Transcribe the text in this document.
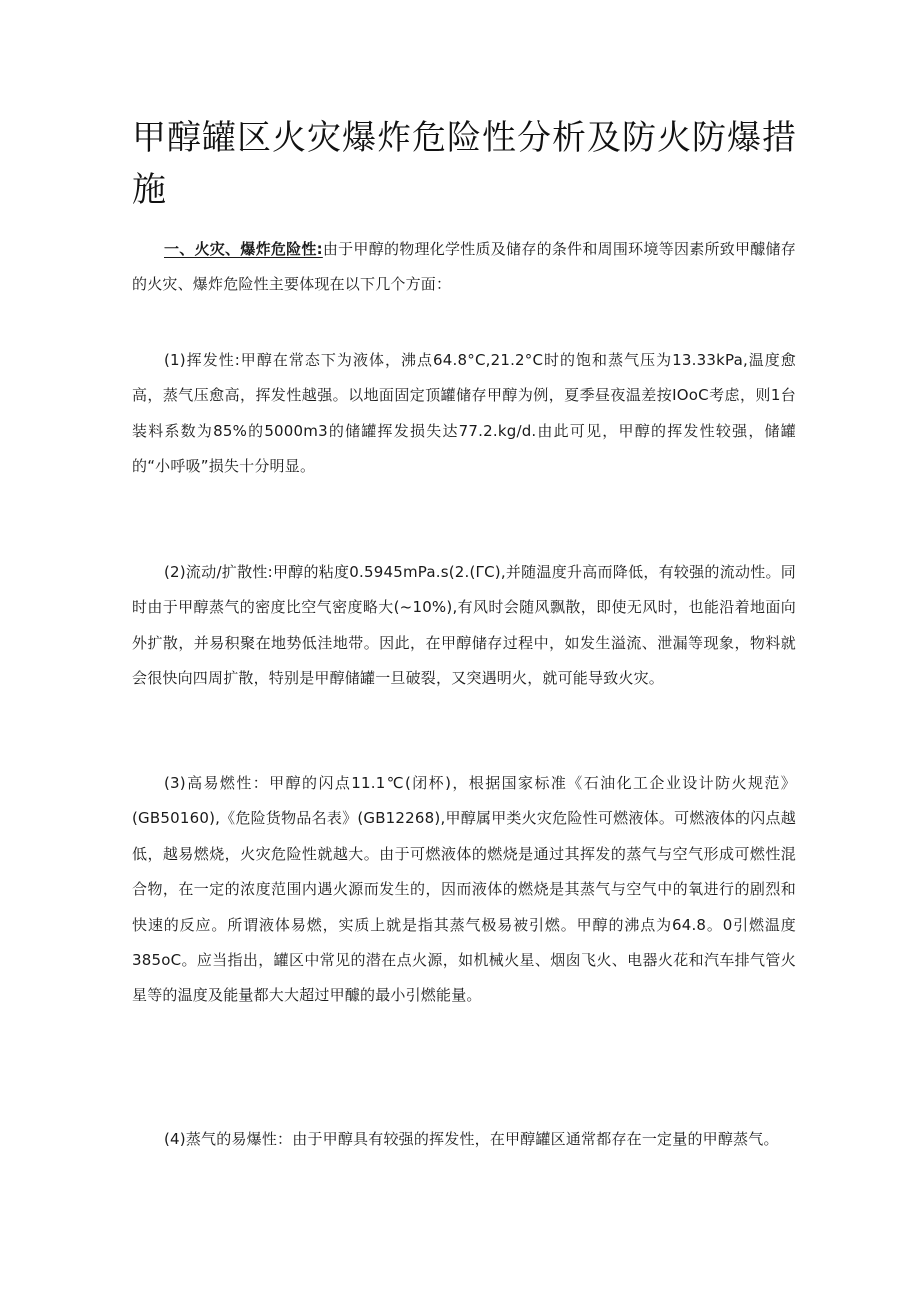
甲醇罐区火灾爆炸危险性分析及防火防爆措施

一、火灾、爆炸危险性:由于甲醇的物理化学性质及储存的条件和周围环境等因素所致甲醵储存的火灾、爆炸危险性主要体现在以下几个方面：

(1)挥发性:甲醇在常态下为液体，沸点64.8°C,21.2°C时的饱和蒸气压为13.33kPa,温度愈高，蒸气压愈高，挥发性越强。以地面固定顶罐储存甲醇为例，夏季昼夜温差按IOoC考虑，则1台装料系数为85%的5000m3的储罐挥发损失达77.2.kg∕d.由此可见，甲醇的挥发性较强，储罐的“小呼吸”损失十分明显。

(2)流动/扩散性:甲醇的粘度0.5945mPa.s(2.(ΓC),并随温度升高而降低，有较强的流动性。同时由于甲醇蒸气的密度比空气密度略大(~10%),有风时会随风飘散，即使无风时，也能沿着地面向外扩散，并易积聚在地势低洼地带。因此，在甲醇储存过程中，如发生溢流、泄漏等现象，物料就会很快向四周扩散，特别是甲醇储罐一旦破裂，又突遇明火，就可能导致火灾。

(3)高易燃性：甲醇的闪点11.1℃(闭杯)，根据国家标准《石油化工企业设计防火规范》(GB50160),《危险货物品名表》(GB12268),甲醇属甲类火灾危险性可燃液体。可燃液体的闪点越低，越易燃烧，火灾危险性就越大。由于可燃液体的燃烧是通过其挥发的蒸气与空气形成可燃性混合物，在一定的浓度范围内遇火源而发生的，因而液体的燃烧是其蒸气与空气中的氧进行的剧烈和快速的反应。所谓液体易燃，实质上就是指其蒸气极易被引燃。甲醇的沸点为64.8。0引燃温度385oC。应当指出，罐区中常见的潜在点火源，如机械火星、烟囱飞火、电器火花和汽车排气管火星等的温度及能量都大大超过甲醵的最小引燃能量。

(4)蒸气的易爆性：由于甲醇具有较强的挥发性，在甲醇罐区通常都存在一定量的甲醇蒸气。
